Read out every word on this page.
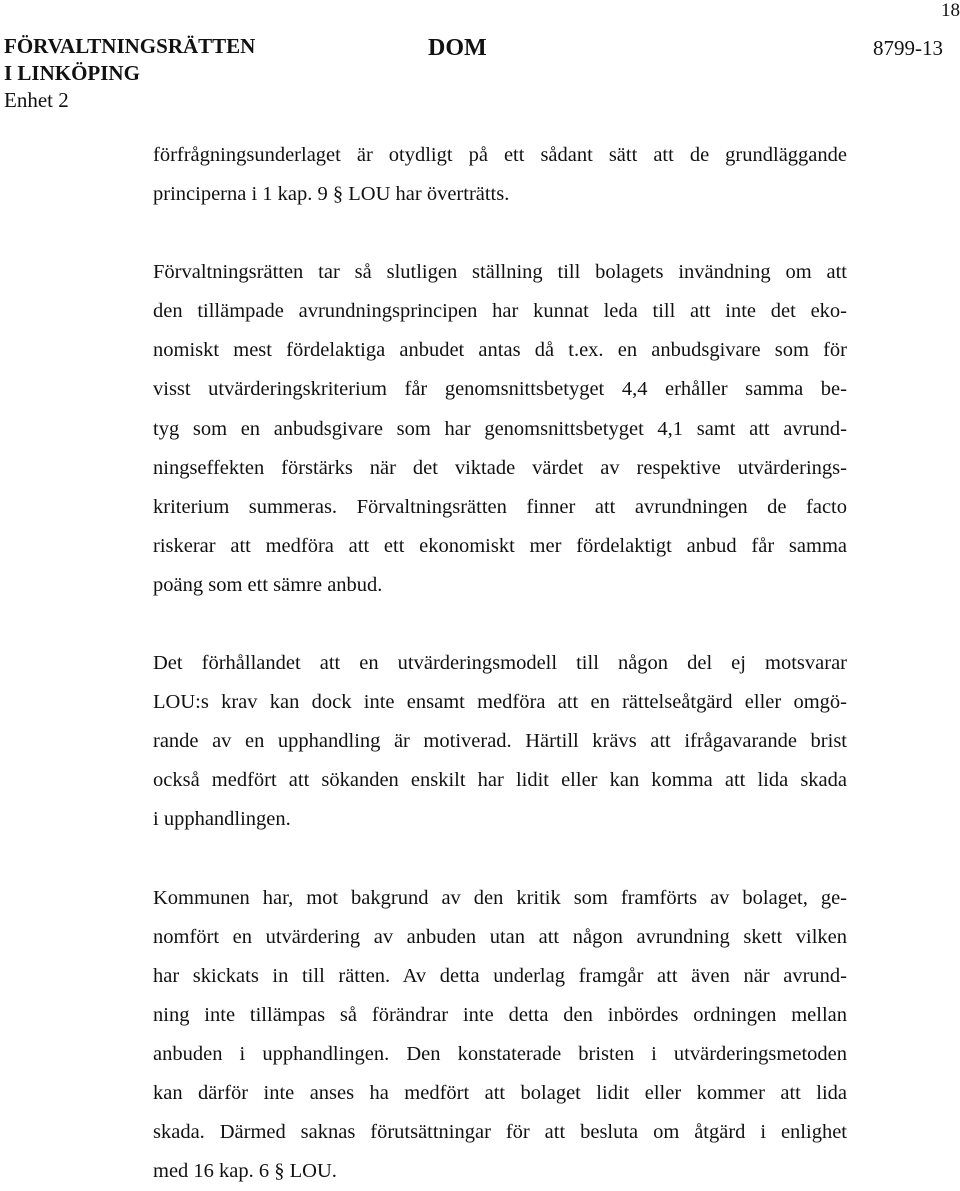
18
FÖRVALTNINGSRÄTTEN
I LINKÖPING
Enhet 2
DOM	8799-13
förfrågningsunderlaget är otydligt på ett sådant sätt att de grundläggande
principerna i 1 kap. 9 § LOU har överträtts.
Förvaltningsrätten tar så slutligen ställning till bolagets invändning om att
den tillämpade avrundningsprincipen har kunnat leda till att inte det eko-
nomiskt mest fördelaktiga anbudet antas då t.ex. en anbudsgivare som för
visst utvärderingskriterium får genomsnittsbetyget 4,4 erhåller samma be-
tyg som en anbudsgivare som har genomsnittsbetyget 4,1 samt att avrund-
ningseffekten förstärks när det viktade värdet av respektive utvärderings-
kriterium summeras. Förvaltningsrätten finner att avrundningen de facto
riskerar att medföra att ett ekonomiskt mer fördelaktigt anbud får samma
poäng som ett sämre anbud.
Det förhållandet att en utvärderingsmodell till någon del ej motsvarar
LOU:s krav kan dock inte ensamt medföra att en rättelseåtgärd eller omgö-
rande av en upphandling är motiverad. Härtill krävs att ifrågavarande brist
också medfört att sökanden enskilt har lidit eller kan komma att lida skada
i upphandlingen.
Kommunen har, mot bakgrund av den kritik som framförts av bolaget, ge-
nomfört en utvärdering av anbuden utan att någon avrundning skett vilken
har skickats in till rätten. Av detta underlag framgår att även när avrund-
ning inte tillämpas så förändrar inte detta den inbördes ordningen mellan
anbuden i upphandlingen. Den konstaterade bristen i utvärderingsmetoden
kan därför inte anses ha medfört att bolaget lidit eller kommer att lida
skada. Därmed saknas förutsättningar för att besluta om åtgärd i enlighet
med 16 kap. 6 § LOU.
